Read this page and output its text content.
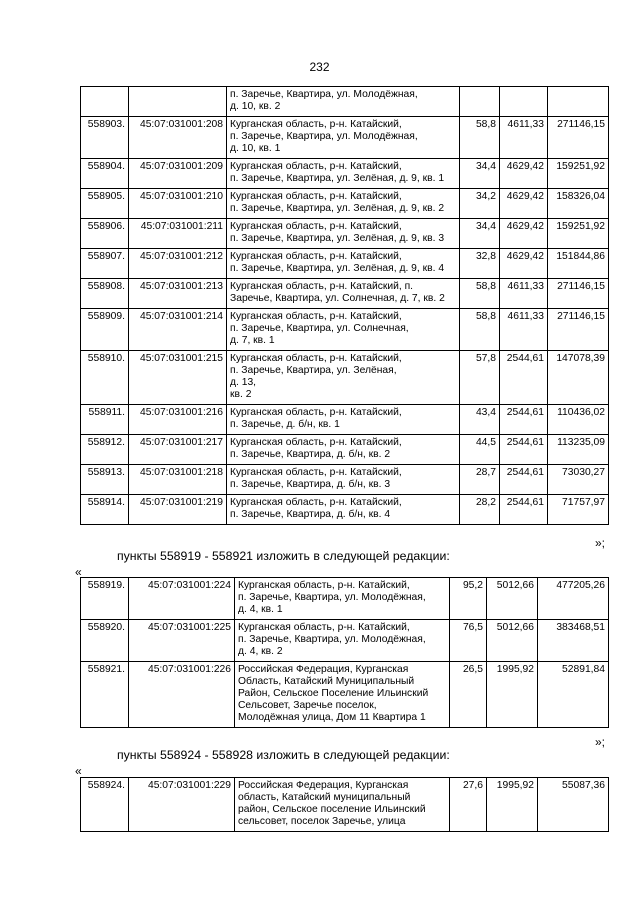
232

		п. Заречье, Квартира, ул. Молодёжная,
д. 10, кв. 2			

558903.	45:07:031001:208	Курганская область, р-н. Катайский,
п. Заречье, Квартира, ул. Молодёжная,
д. 10, кв. 1	58,8	4611,33	271146,15
558904.	45:07:031001:209	Курганская область, р-н. Катайский,
п. Заречье, Квартира, ул. Зелёная, д. 9, кв. 1	34,4	4629,42	159251,92
558905.	45:07:031001:210	Курганская область, р-н. Катайский,
п. Заречье, Квартира, ул. Зелёная, д. 9, кв. 2	34,2	4629,42	158326,04
558906.	45:07:031001:211	Курганская область, р-н. Катайский,
п. Заречье, Квартира, ул. Зелёная, д. 9, кв. 3	34,4	4629,42	159251,92
558907.	45:07:031001:212	Курганская область, р-н. Катайский,
п. Заречье, Квартира, ул. Зелёная, д. 9, кв. 4	32,8	4629,42	151844,86
558908.	45:07:031001:213	Курганская область, р-н. Катайский, п.
Заречье, Квартира, ул. Солнечная, д. 7, кв. 2	58,8	4611,33	271146,15
558909.	45:07:031001:214	Курганская область, р-н. Катайский,
п. Заречье, Квартира, ул. Солнечная,
д. 7, кв. 1	58,8	4611,33	271146,15
558910.	45:07:031001:215	Курганская область, р-н. Катайский,
п. Заречье, Квартира, ул. Зелёная,
д. 13,
кв. 2	57,8	2544,61	147078,39
558911.	45:07:031001:216	Курганская область, р-н. Катайский,
п. Заречье, д. б/н, кв. 1	43,4	2544,61	110436,02
558912.	45:07:031001:217	Курганская область, р-н. Катайский,
п. Заречье, Квартира, д. б/н, кв. 2	44,5	2544,61	113235,09
558913.	45:07:031001:218	Курганская область, р-н. Катайский,
п. Заречье, Квартира, д. б/н, кв. 3	28,7	2544,61	73030,27
558914.	45:07:031001:219	Курганская область, р-н. Катайский,
п. Заречье, Квартира, д. б/н, кв. 4	28,2	2544,61	71757,97
»;
пункты 558919 - 558921 изложить в следующей редакции:
«
558919.	45:07:031001:224	Курганская область, р-н. Катайский,
п. Заречье, Квартира, ул. Молодёжная,
д. 4, кв. 1	95,2	5012,66	477205,26
558920.	45:07:031001:225	Курганская область, р-н. Катайский,
п. Заречье, Квартира, ул. Молодёжная,
д. 4, кв. 2	76,5	5012,66	383468,51
558921.	45:07:031001:226	Российская Федерация, Курганская
Область, Катайский Муниципальный
Район, Сельское Поселение Ильинский
Сельсовет, Заречье поселок,
Молодёжная улица, Дом 11 Квартира 1	26,5	1995,92	52891,84
»;
пункты 558924 - 558928 изложить в следующей редакции:
«
558924.	45:07:031001:229	Российская Федерация, Курганская
область, Катайский муниципальный
район, Сельское поселение Ильинский
сельсовет, поселок Заречье, улица
	27,6	1995,92	55087,36
